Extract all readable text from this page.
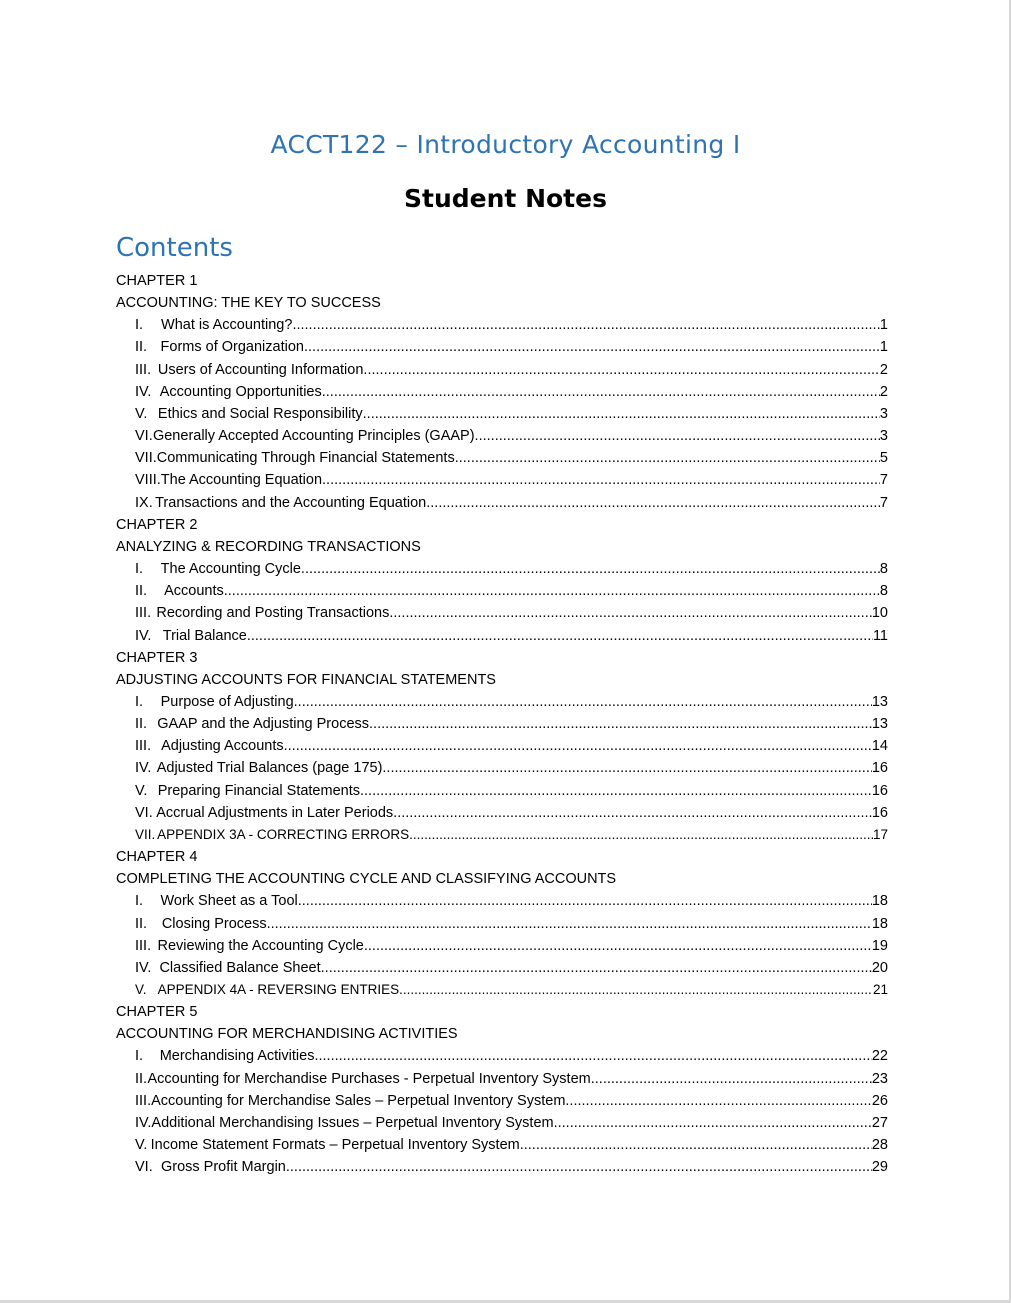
ACCT122 – Introductory Accounting I
Student Notes
Contents
CHAPTER 1
ACCOUNTING: THE KEY TO SUCCESS
I.	What is Accounting? .....	1
II. Forms of Organization .....	1
III. Users of Accounting Information .....	2
IV. Accounting Opportunities .....	2
V. Ethics and Social Responsibility .....	3
VI. Generally Accepted Accounting Principles (GAAP) .....	3
VII. Communicating Through Financial Statements .....	5
VIII. The Accounting Equation .....	7
IX. Transactions and the Accounting Equation .....	7
CHAPTER 2
ANALYZING & RECORDING TRANSACTIONS
I.	The Accounting Cycle .....	8
II.	Accounts .....	8
III. Recording and Posting Transactions .....	10
IV. Trial Balance .....	11
CHAPTER 3
ADJUSTING ACCOUNTS FOR FINANCIAL STATEMENTS
I.	Purpose of Adjusting .....	13
II. GAAP and the Adjusting Process .....	13
III. Adjusting Accounts .....	14
IV. Adjusted Trial Balances (page 175) .....	16
V. Preparing Financial Statements .....	16
VI. Accrual Adjustments in Later Periods .....	16
VII. APPENDIX 3A - CORRECTING ERRORS .....	17
CHAPTER 4
COMPLETING THE ACCOUNTING CYCLE AND CLASSIFYING ACCOUNTS
I.	Work Sheet as a Tool .....	18
II.	Closing Process .....	18
III. Reviewing the Accounting Cycle .....	19
IV. Classified Balance Sheet .....	20
V. APPENDIX 4A - REVERSING ENTRIES .....	21
CHAPTER 5
ACCOUNTING FOR MERCHANDISING ACTIVITIES
I.	Merchandising Activities .....	22
II. Accounting for Merchandise Purchases - Perpetual Inventory System .....	23
III. Accounting for Merchandise Sales – Perpetual Inventory System .....	26
IV. Additional Merchandising Issues – Perpetual Inventory System .....	27
V. Income Statement Formats – Perpetual Inventory System .....	28
VI. Gross Profit Margin .....	29
